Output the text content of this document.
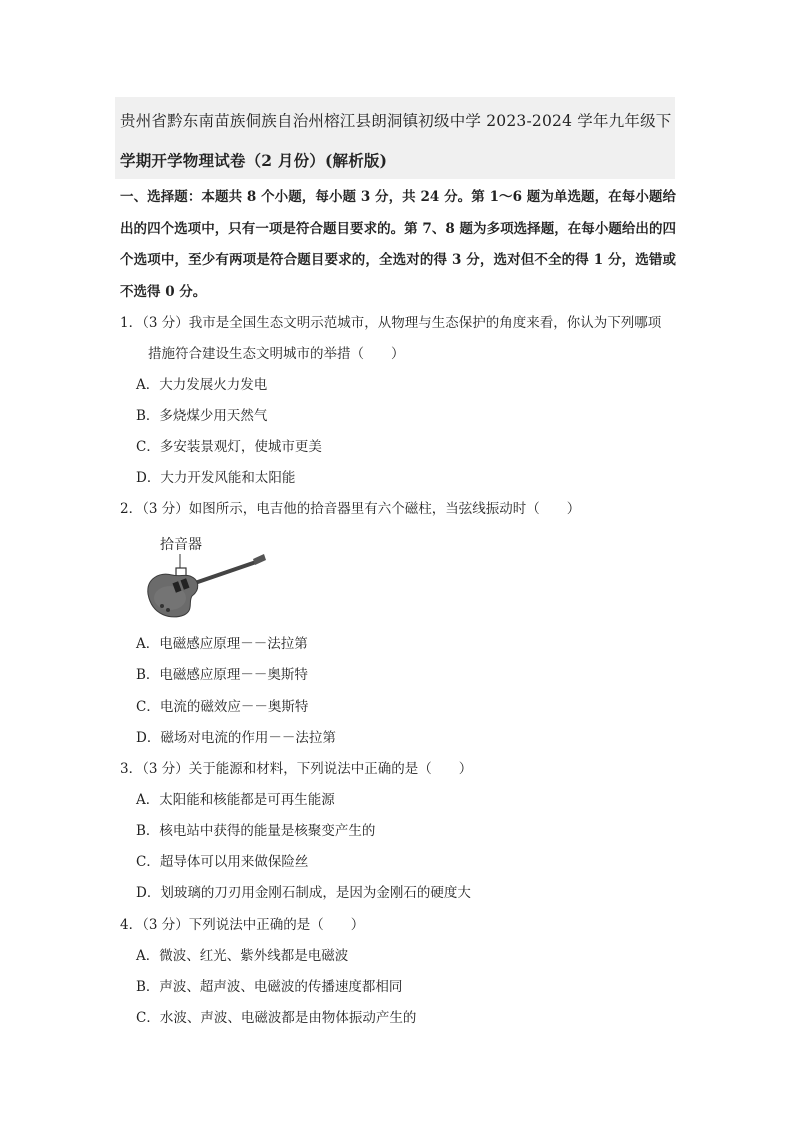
贵州省黔东南苗族侗族自治州榕江县朗洞镇初级中学 2023-2024 学年九年级下
学期开学物理试卷（2 月份）(解析版)
一、选择题：本题共 8 个小题，每小题 3 分，共 24 分。第 1～6 题为单选题，在每小题给出的四个选项中，只有一项是符合题目要求的。第 7、8 题为多项选择题，在每小题给出的四个选项中，至少有两项是符合题目要求的，全选对的得 3 分，选对但不全的得 1 分，选错或不选得 0 分。
1．（3 分）我市是全国生态文明示范城市，从物理与生态保护的角度来看，你认为下列哪项
措施符合建设生态文明城市的举措（　　）
A．大力发展火力发电
B．多烧煤少用天然气
C．多安装景观灯，使城市更美
D．大力开发风能和太阳能
2．（3 分）如图所示，电吉他的拾音器里有六个磁柱，当弦线振动时（　　）
拾音器
A．电磁感应原理－－法拉第
B．电磁感应原理－－奥斯特
C．电流的磁效应－－奥斯特
D．磁场对电流的作用－－法拉第
3．（3 分）关于能源和材料，下列说法中正确的是（　　）
A．太阳能和核能都是可再生能源
B．核电站中获得的能量是核聚变产生的
C．超导体可以用来做保险丝
D．划玻璃的刀刃用金刚石制成，是因为金刚石的硬度大
4．（3 分）下列说法中正确的是（　　）
A．微波、红光、紫外线都是电磁波
B．声波、超声波、电磁波的传播速度都相同
C．水波、声波、电磁波都是由物体振动产生的
